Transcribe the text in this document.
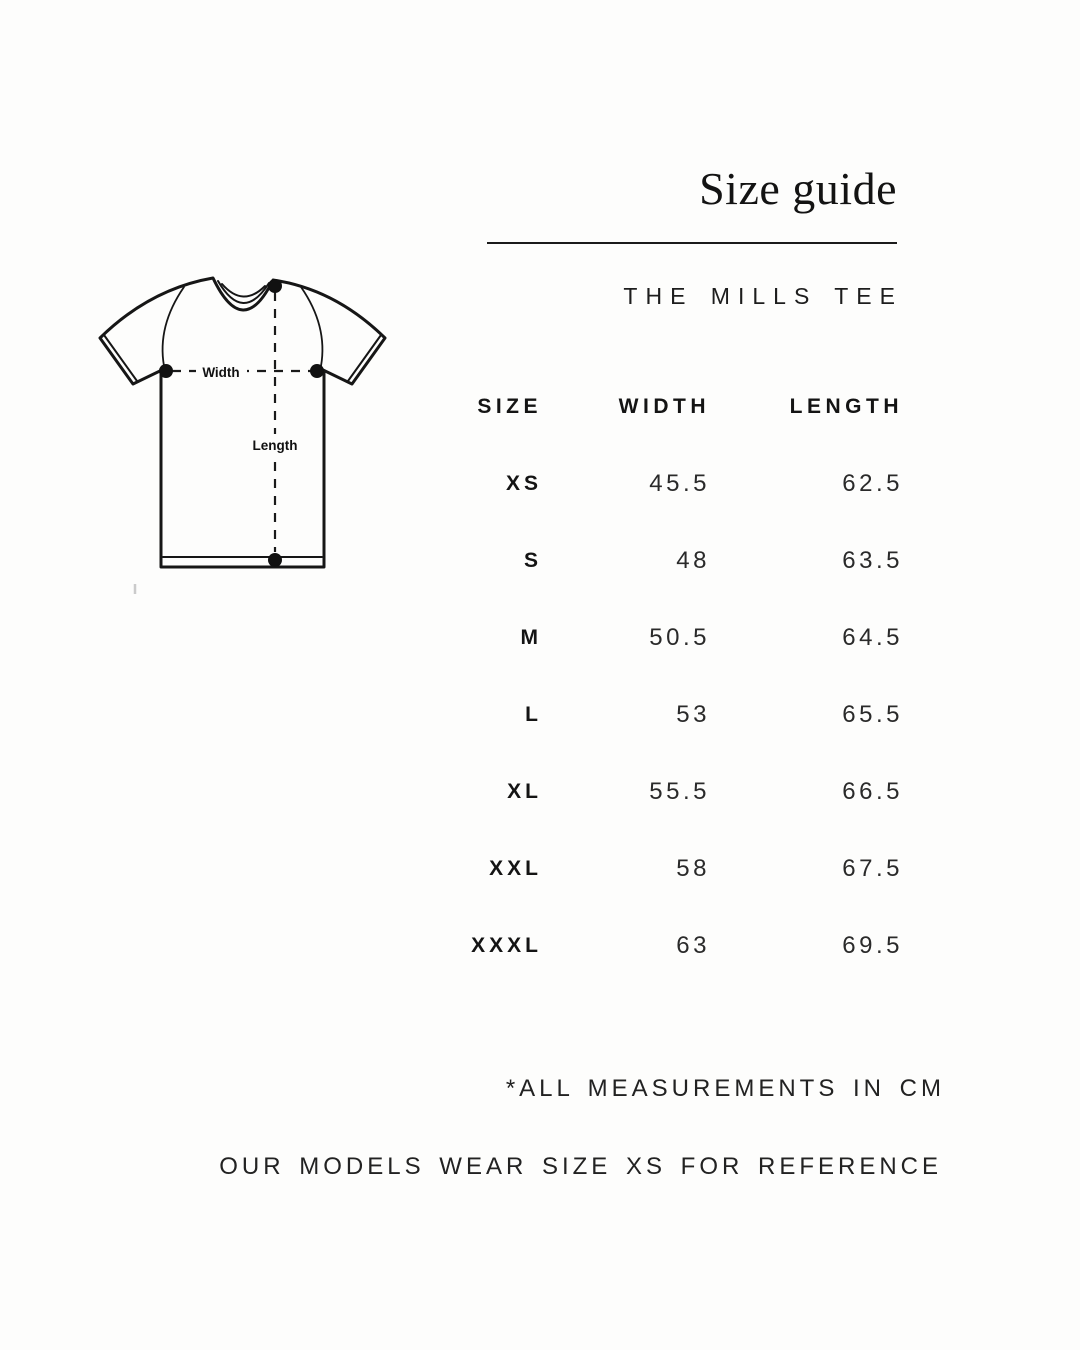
Width
Length
Size guide
THE MILLS TEE
SIZE	WIDTH	LENGTH
XS	45.5	62.5
S	48	63.5
M	50.5	64.5
L	53	65.5
XL	55.5	66.5
XXL	58	67.5
XXXL	63	69.5
*ALL MEASUREMENTS IN CM
OUR MODELS WEAR SIZE XS FOR REFERENCE
